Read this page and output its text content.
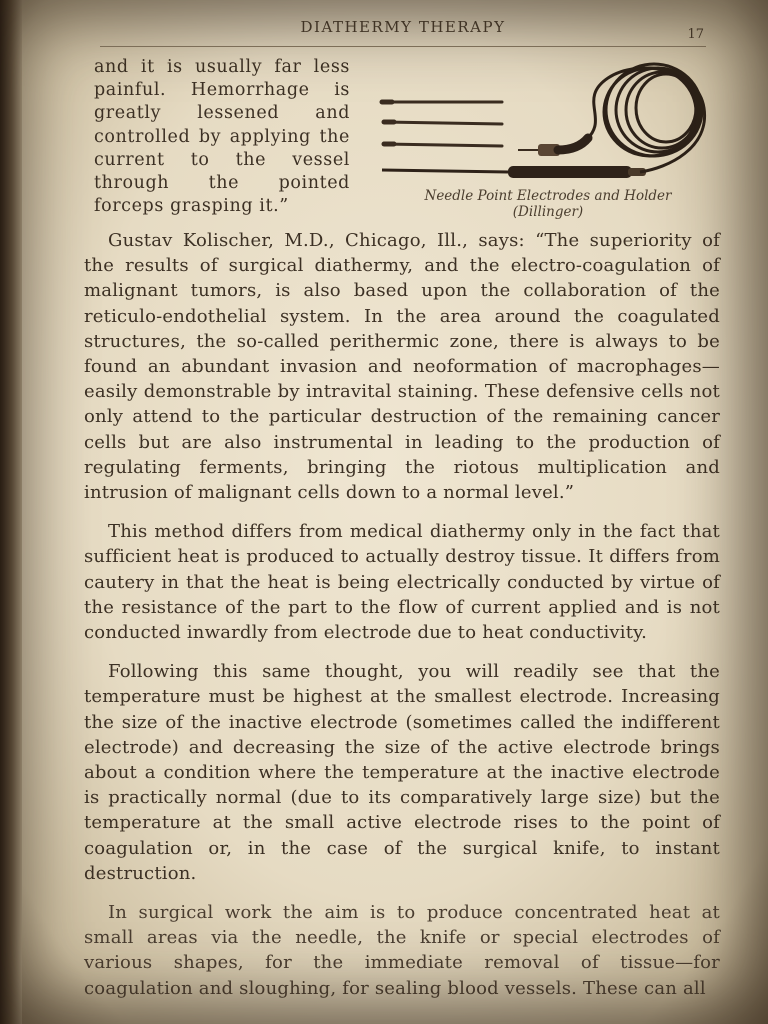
DIATHERMY THERAPY	17
and it is usually far less painful. Hemorrhage is greatly lessened and controlled by applying the current to the vessel through the pointed forceps grasping it.”
Needle Point Electrodes and Holder
(Dillinger)

Gustav Kolischer, M.D., Chicago, Ill., says: “The superiority of the results of surgical diathermy, and the electro-coagulation of malignant tumors, is also based upon the collaboration of the reticulo-endothelial system. In the area around the coagulated structures, the so-called perithermic zone, there is always to be found an abundant invasion and neoformation of macrophages—easily demonstrable by intravital staining. These defensive cells not only attend to the particular destruction of the remaining cancer cells but are also instrumental in leading to the production of regulating ferments, bringing the riotous multiplication and intrusion of malignant cells down to a normal level.”

This method differs from medical diathermy only in the fact that sufficient heat is produced to actually destroy tissue. It differs from cautery in that the heat is being electrically conducted by virtue of the resistance of the part to the flow of current applied and is not conducted inwardly from electrode due to heat conductivity.

Following this same thought, you will readily see that the temperature must be highest at the smallest electrode. Increasing the size of the inactive electrode (sometimes called the indifferent electrode) and decreasing the size of the active electrode brings about a condition where the temperature at the inactive electrode is practically normal (due to its comparatively large size) but the temperature at the small active electrode rises to the point of coagulation or, in the case of the surgical knife, to instant destruction.

In surgical work the aim is to produce concentrated heat at small areas via the needle, the knife or special electrodes of various shapes, for the immediate removal of tissue—for coagulation and sloughing, for sealing blood vessels. These can all
